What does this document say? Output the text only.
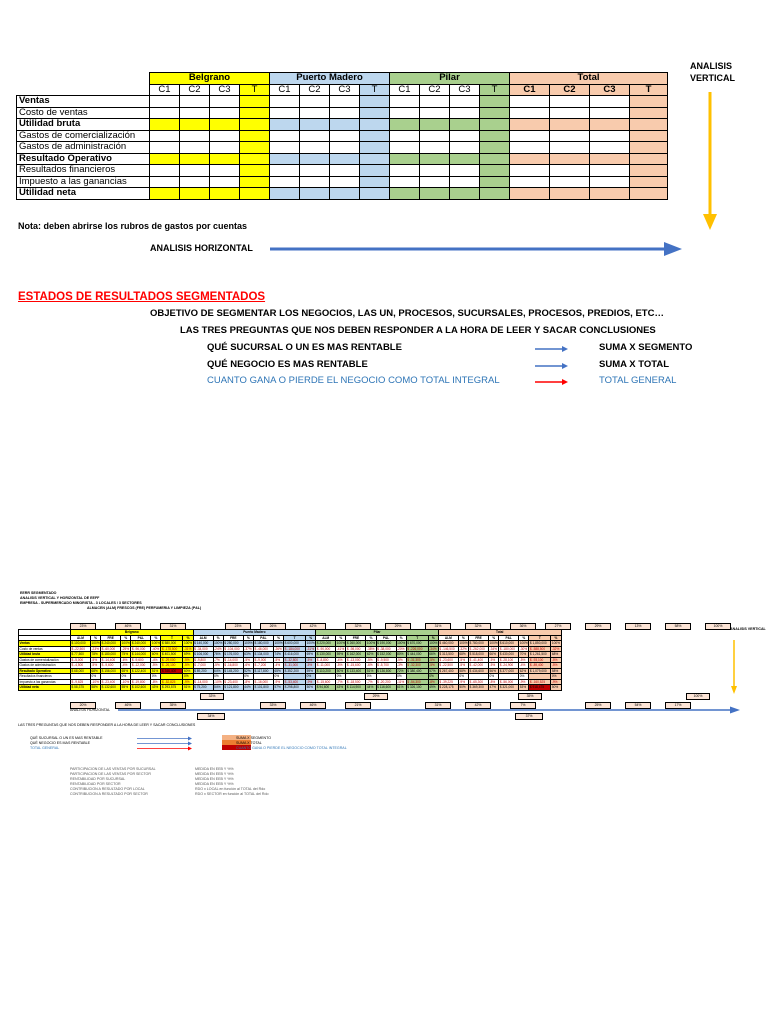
	Belgrano				Puerto Madero				Pilar				Total			
	C1	C2	C3	T	C1	C2	C3	T	C1	C2	C3	T	C1	C2	C3	T
Ventas																
Costo de ventas																
Utilidad bruta																
Gastos de comercialización																
Gastos de administración																
Resultado Operativo																
Resultados financieros																
Impuesto a las ganancias																
Utilidad neta																
ANALISIS VERTICAL
Nota: deben abrirse los rubros de gastos por cuentas
ANALISIS HORIZONTAL
ESTADOS DE RESULTADOS SEGMENTADOS
OBJETIVO DE SEGMENTAR LOS NEGOCIOS, LAS UN, PROCESOS, SUCURSALES, PROCESOS, PREDIOS, ETC…
LAS TRES PREGUNTAS QUE NOS DEBEN RESPONDER A LA HORA DE LEER Y SACAR CONCLUSIONES
QUÉ SUCURSAL O UN ES MAS RENTABLE	SUMA X SEGMENTO
QUÉ NEGOCIO ES MAS RENTABLE	SUMA X TOTAL
CUANTO GANA O PIERDE EL NEGOCIO COMO TOTAL INTEGRAL	TOTAL GENERAL
EERR SEGMENTADO
ANALISIS VERTICAL Y HORIZONTAL DE EEFF
EMPRESA - SUPERMERCADO MINORISTA - 3 LOCALES / 3 SECTORES
ALMACEN (ALM) FRESCOS (FRE) PERFUMERIA Y LIMPIEZA (P&L)
23%	46%	31%	23%	26%	42%	32%	29%	31%	32%	36%	27%	29%	13%	58%	100%
ANALISIS VERTICAL
	Belgrano								Puerto Madero								Pilar								Total							
	ALM	%	FRE	%	P&L	%	T	%	ALM	%	FRE	%	P&L	%	T	%	ALM	%	FRE	%	P&L	%	T	%	ALM	%	FRE	%	P&L	%	T	%
Ventas	$ 100,000	100%	$ 240,000	100%	$ 240,000	100%	$ 580,000	100%	$ 140,000	100%	$ 280,000	100%	$ 180,000	100%	$ 600,000	100%	$ 220,000	100%	$ 260,000	100%	$ 190,000	100%	$ 670,000	100%	$ 460,000	100%	$ 780,000	100%	$ 610,000	100%	$ 1,850,000	100%
Costo de ventas	$ -22,500	-23%	$ -60,000	-25%	$ -96,000	-40%	$ -178,500	-31%	$ -34,000	-24%	$ -104,000	-37%	$ -46,000	-26%	$ -184,000	-31%	$ -90,000	-41%	$ -98,000	-38%	$ -38,000	-20%	$ -226,000	-34%	$ -146,500	-32%	$ -262,000	-34%	$ -180,000	-30%	$ -588,500	-32%
Utilidad bruta	$ 77,500	78%	$ 180,000	75%	$ 144,000	60%	$ 401,500	69%	$ 106,000	76%	$ 176,000	63%	$ 134,000	74%	$ 416,000	69%	$ 130,000	59%	$ 162,000	62%	$ 152,000	80%	$ 444,000	66%	$ 313,500	68%	$ 518,000	66%	$ 430,000	70%	$ 1,261,500	68%
Gastos de comercialización	$ -5,000	-5%	$ -14,400	-6%	$ -9,600	-4%	$ -29,000	-5%	$ -9,800	-7%	$ -14,000	-5%	$ -9,000	-5%	$ -32,800	-5%	$ -8,800	-4%	$ -13,000	-5%	$ -9,500	-5%	$ -31,300	-5%	$ -23,600	-5%	$ -41,400	-5%	$ -28,100	-5%	$ -93,100	-5%
Gastos de administración	$ -4,500	-5%	$ -9,600	-4%	$ -12,000	-5%	$ -26,100	-5%	$ -7,000	-5%	$ -16,800	-6%	$ -7,200	-4%	$ -31,000	-5%	$ -11,000	-5%	$ -15,600	-6%	$ -5,700	-3%	$ -32,300	-5%	$ -22,500	-5%	$ -42,000	-5%	$ -24,900	-4%	$ -89,400	-5%
Resultado Operativo	$ 68,000	68%	$ 156,000	65%	$ 122,400	51%	$ 346,400	60%	$ 89,200	64%	$ 145,200	52%	$ 117,800	65%	$ 352,200	59%	$ 110,200	50%	$ 133,400	51%	$ 136,800	72%	$ 380,400	57%	$ 267,400	58%	$ 434,600	56%	$ 377,000	62%	$ 1,079,000	58%
Resultados financieros		0%		0%		0%		0%		0%		0%		0%		0%		0%		0%		0%		0%		0%		0%		0%		0%
Impuesto a las ganancias	$ -9,625	-10%	$ -23,400	-10%	$ -19,800	-8%	$ -52,825	-9%	$ -14,000	-10%	$ -23,400	-8%	$ -16,000	-9%	$ -53,400	-9%	$ -15,600	-7%	$ -18,500	-7%	$ -20,200	-11%	$ -54,300	-8%	$ -39,225	-9%	$ -65,300	-8%	$ -56,000	-9%	$ -160,525	-9%
Utilidad neta	$ 58,375	58%	$ 132,600	55%	$ 102,600	43%	$ 293,575	51%	$ 75,200	54%	$ 121,800	44%	$ 101,800	57%	$ 298,800	50%	$ 94,600	43%	$ 114,900	44%	$ 116,600	61%	$ 326,100	49%	$ 228,175	50%	$ 369,300	47%	$ 321,000	53%	$ 918,475	50%
20%	46%	35%	33%	46%	21%	31%	42%	7%	25%	54%	17%
33%	29%	35%	100%
34%	37%
ANALISIS HORIZONTAL
LAS TRES PREGUNTAS QUE NOS DEBEN RESPONDER A LA HORA DE LEER Y SACAR CONCLUSIONES
QUÉ SUCURSAL O UN ES MAS RENTABLE	SUMA X SEGMENTO
QUÉ NEGOCIO ES MAS RENTABLE	SUMA X TOTAL
TOTAL GENERAL	CUANTO GANA O PIERDE EL NEGOCIO COMO TOTAL INTEGRAL
PARTICIPACION DE LAS VENTAS POR SUCURSAL	MEDIDA EN EEB Y %%
PARTICIPACION DE LAS VENTAS POR SECTOR	MEDIDA EN EEB Y %%
RENTABILIDAD POR SUCURSAL	MEDIDA EN EEB Y %%
RENTABILIDAD POR SECTOR	MEDIDA EN EEB Y %%
CONTRIBUCION A RESULTADO POR LOCAL	RDO x LOCAL en función al TOTAL del Rdo
CONTRIBUCION A RESULTADO POR SECTOR	RDO x SECTOR en función al TOTAL del Rdo
